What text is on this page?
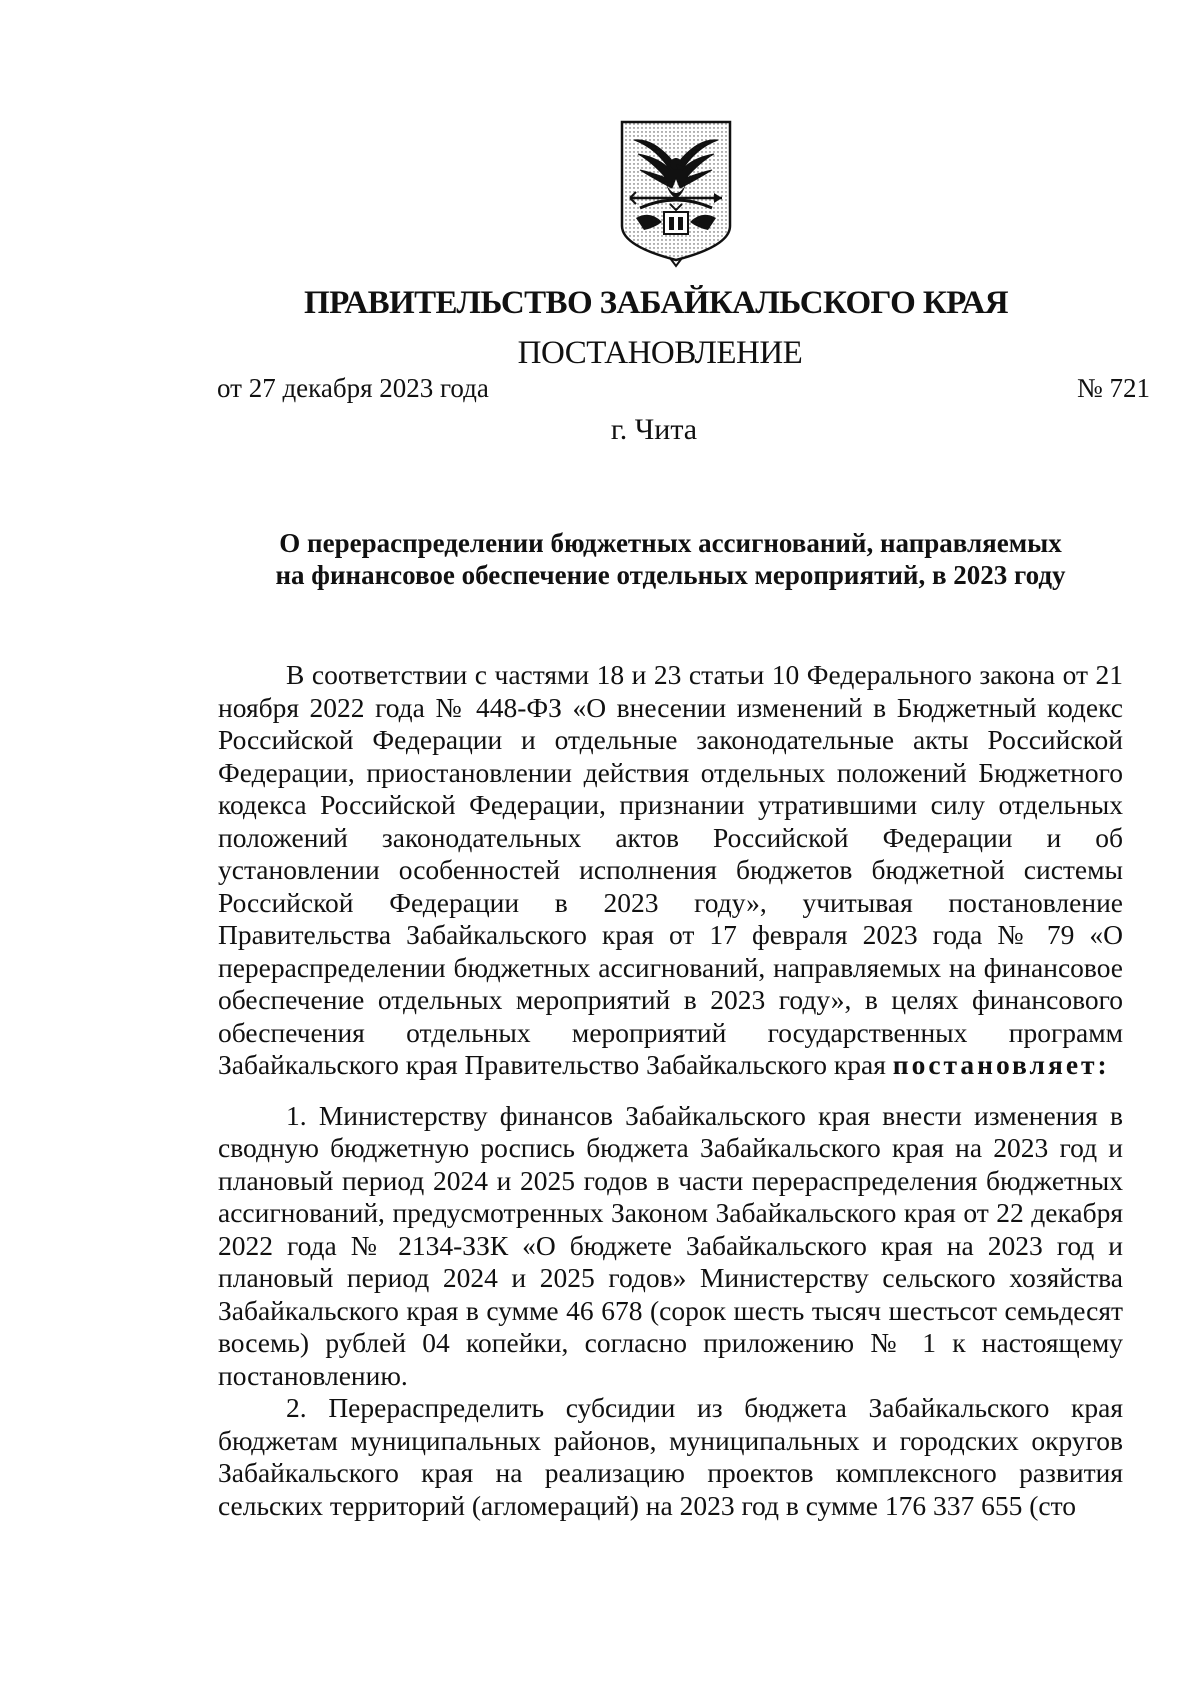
ПРАВИТЕЛЬСТВО ЗАБАЙКАЛЬСКОГО КРАЯ
ПОСТАНОВЛЕНИЕ
от 27 декабря 2023 года	№ 721
г. Чита
О перераспределении бюджетных ассигнований, направляемых
на финансовое обеспечение отдельных мероприятий, в 2023 году

В соответствии с частями 18 и 23 статьи 10 Федерального закона от 21 ноября 2022 года № 448-ФЗ «О внесении изменений в Бюджетный кодекс Российской Федерации и отдельные законодательные акты Российской Федерации, приостановлении действия отдельных положений Бюджетного кодекса Российской Федерации, признании утратившими силу отдельных положений законодательных актов Российской Федерации и об установлении особенностей исполнения бюджетов бюджетной системы Российской Федерации в 2023 году», учитывая постановление Правительства Забайкальского края от 17 февраля 2023 года № 79 «О перераспределении бюджетных ассигнований, направляемых на финансовое обеспечение отдельных мероприятий в 2023 году», в целях финансового обеспечения отдельных мероприятий государственных программ Забайкальского края Правительство Забайкальского края постановляет:

1. Министерству финансов Забайкальского края внести изменения в сводную бюджетную роспись бюджета Забайкальского края на 2023 год и плановый период 2024 и 2025 годов в части перераспределения бюджетных ассигнований, предусмотренных Законом Забайкальского края от 22 декабря 2022 года № 2134-ЗЗК «О бюджете Забайкальского края на 2023 год и плановый период 2024 и 2025 годов» Министерству сельского хозяйства Забайкальского края в сумме 46 678 (сорок шесть тысяч шестьсот семьдесят восемь) рублей 04 копейки, согласно приложению № 1 к настоящему постановлению.

2. Перераспределить субсидии из бюджета Забайкальского края бюджетам муниципальных районов, муниципальных и городских округов Забайкальского края на реализацию проектов комплексного развития сельских территорий (агломераций) на 2023 год в сумме 176 337 655 (сто
